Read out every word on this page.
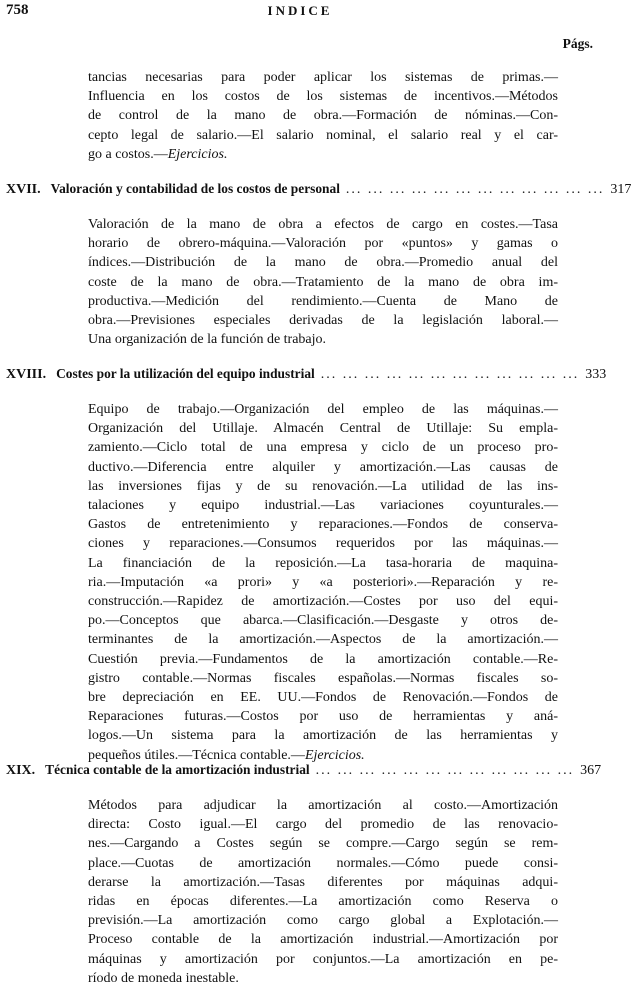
758	INDICE
Págs.
tancias necesarias para poder aplicar los sistemas de primas.—
Influencia en los costos de los sistemas de incentivos.—Métodos
de control de la mano de obra.—Formación de nóminas.—Con-
cepto legal de salario.—El salario nominal, el salario real y el car-
go a costos.—Ejercicios.
XVII. Valoración y contabilidad de los costos de personal ... ... ... ... ... ... ... ... ... ... ... ... 317
Valoración de la mano de obra a efectos de cargo en costes.—Tasa
horario de obrero-máquina.—Valoración por «puntos» y gamas o
índices.—Distribución de la mano de obra.—Promedio anual del
coste de la mano de obra.—Tratamiento de la mano de obra im-
productiva.—Medición del rendimiento.—Cuenta de Mano de
obra.—Previsiones especiales derivadas de la legislación laboral.—
Una organización de la función de trabajo.
XVIII. Costes por la utilización del equipo industrial ... ... ... ... ... ... ... ... ... ... ... ... 333
Equipo de trabajo.—Organización del empleo de las máquinas.—
Organización del Utillaje. Almacén Central de Utillaje: Su empla-
zamiento.—Ciclo total de una empresa y ciclo de un proceso pro-
ductivo.—Diferencia entre alquiler y amortización.—Las causas de
las inversiones fijas y de su renovación.—La utilidad de las ins-
talaciones y equipo industrial.—Las variaciones coyunturales.—
Gastos de entretenimiento y reparaciones.—Fondos de conserva-
ciones y reparaciones.—Consumos requeridos por las máquinas.—
La financiación de la reposición.—La tasa-horaria de maquina-
ria.—Imputación «a prori» y «a posteriori».—Reparación y re-
construcción.—Rapidez de amortización.—Costes por uso del equi-
po.—Conceptos que abarca.—Clasificación.—Desgaste y otros de-
terminantes de la amortización.—Aspectos de la amortización.—
Cuestión previa.—Fundamentos de la amortización contable.—Re-
gistro contable.—Normas fiscales españolas.—Normas fiscales so-
bre depreciación en EE. UU.—Fondos de Renovación.—Fondos de
Reparaciones futuras.—Costos por uso de herramientas y aná-
logos.—Un sistema para la amortización de las herramientas y
pequeños útiles.—Técnica contable.—Ejercicios.
XIX. Técnica contable de la amortización industrial ... ... ... ... ... ... ... ... ... ... ... ... 367
Métodos para adjudicar la amortización al costo.—Amortización
directa: Costo igual.—El cargo del promedio de las renovacio-
nes.—Cargando a Costes según se compre.—Cargo según se rem-
place.—Cuotas de amortización normales.—Cómo puede consi-
derarse la amortización.—Tasas diferentes por máquinas adqui-
ridas en épocas diferentes.—La amortización como Reserva o
previsión.—La amortización como cargo global a Explotación.—
Proceso contable de la amortización industrial.—Amortización por
máquinas y amortización por conjuntos.—La amortización en pe-
ríodo de moneda inestable.
